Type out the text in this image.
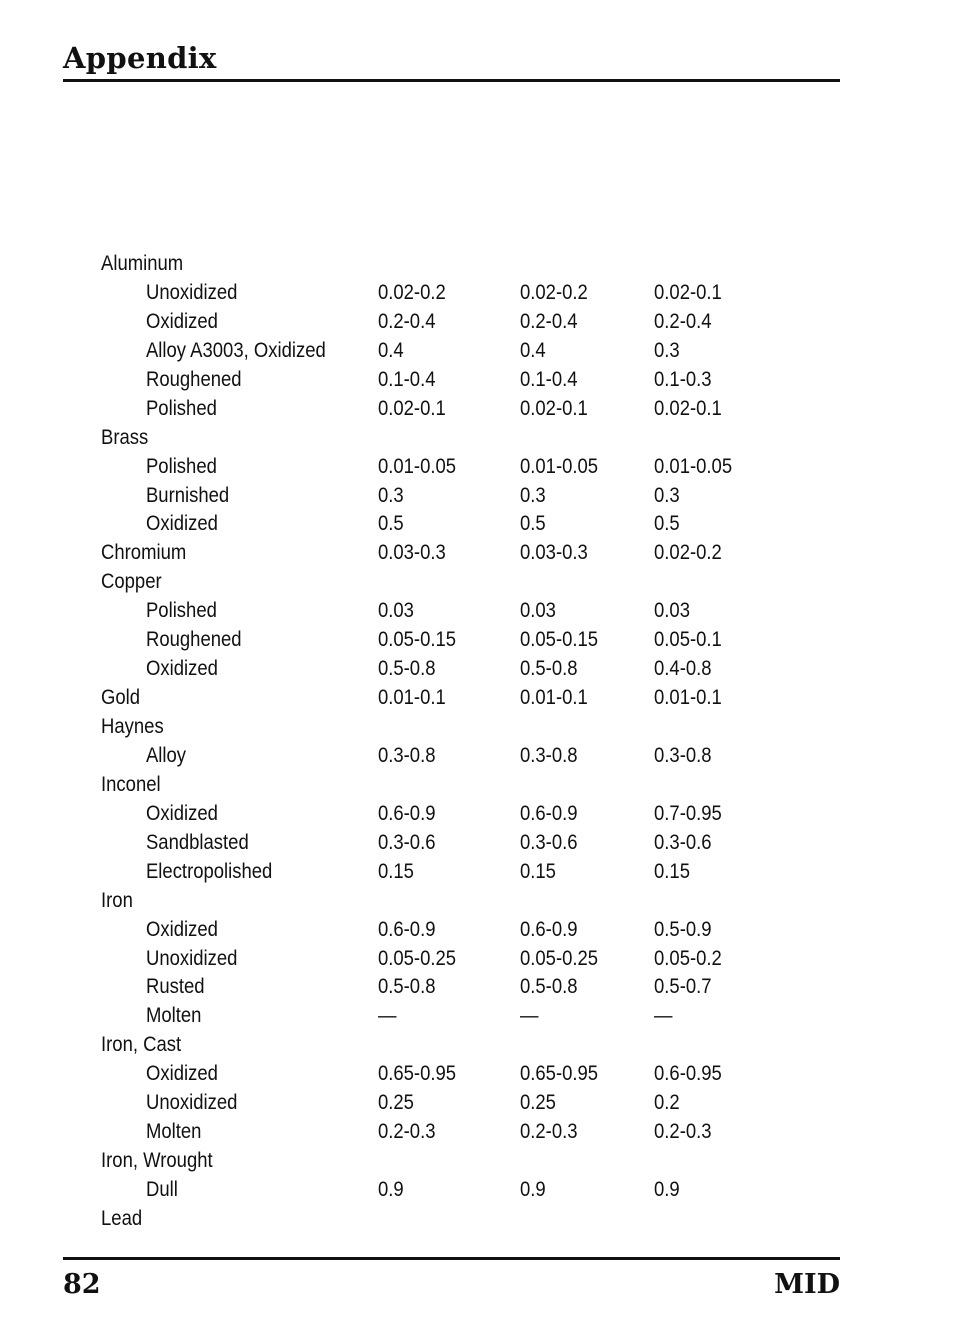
Appendix
Aluminum
Unoxidized	0.02-0.2	0.02-0.2	0.02-0.1
Oxidized	0.2-0.4	0.2-0.4	0.2-0.4
Alloy A3003, Oxidized 0.4	0.4	0.3
Roughened	0.1-0.4	0.1-0.4	0.1-0.3
Polished	0.02-0.1	0.02-0.1	0.02-0.1
Brass
Polished	0.01-0.05	0.01-0.05	0.01-0.05
Burnished	0.3	0.3	0.3
Oxidized	0.5	0.5	0.5
Chromium	0.03-0.3	0.03-0.3	0.02-0.2
Copper
Polished	0.03	0.03	0.03
Roughened	0.05-0.15	0.05-0.15	0.05-0.1
Oxidized	0.5-0.8	0.5-0.8	0.4-0.8
Gold	0.01-0.1	0.01-0.1	0.01-0.1
Haynes
Alloy	0.3-0.8	0.3-0.8	0.3-0.8
Inconel
Oxidized	0.6-0.9	0.6-0.9	0.7-0.95
Sandblasted	0.3-0.6	0.3-0.6	0.3-0.6
Electropolished	0.15	0.15	0.15
Iron
Oxidized	0.6-0.9	0.6-0.9	0.5-0.9
Unoxidized	0.05-0.25	0.05-0.25	0.05-0.2
Rusted	0.5-0.8	0.5-0.8	0.5-0.7
Molten	—	—	—
Iron, Cast
Oxidized	0.65-0.95	0.65-0.95	0.6-0.95
Unoxidized	0.25	0.25	0.2
Molten	0.2-0.3	0.2-0.3	0.2-0.3
Iron, Wrought
Dull	0.9	0.9	0.9
Lead
82	MID
